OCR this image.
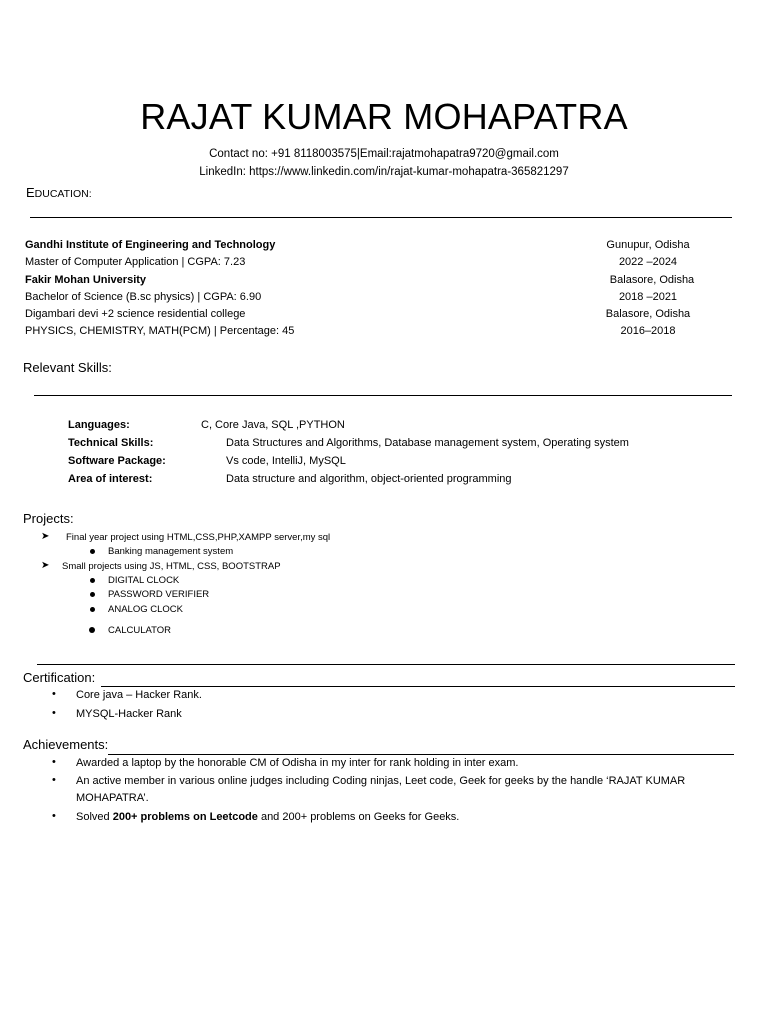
RAJAT KUMAR MOHAPATRA
Contact no: +91 8118003575|Email:rajatmohapatra9720@gmail.com
LinkedIn: https://www.linkedin.com/in/rajat-kumar-mohapatra-365821297
EDUCATION:
Gandhi Institute of Engineering and Technology	Gunupur, Odisha
Master of Computer Application | CGPA: 7.23	2022 –2024
Fakir Mohan University	Balasore, Odisha
Bachelor of Science (B.sc physics) | CGPA: 6.90	2018 –2021
Digambari devi +2 science residential college	Balasore, Odisha
PHYSICS, CHEMISTRY, MATH(PCM) | Percentage: 45	2016–2018
Relevant Skills:
Languages:	C, Core Java, SQL ,PYTHON
Technical Skills:	Data Structures and Algorithms, Database management system, Operating system
Software Package:	Vs code, IntelliJ, MySQL
Area of interest:	Data structure and algorithm, object-oriented programming
Projects:
➤ Final year project using HTML,CSS,PHP,XAMPP server,my sql
Banking management system
➤ Small projects using JS, HTML, CSS, BOOTSTRAP
DIGITAL CLOCK
PASSWORD VERIFIER
ANALOG CLOCK
CALCULATOR
Certification:
• Core java – Hacker Rank.
• MYSQL-Hacker Rank
Achievements:
• Awarded a laptop by the honorable CM of Odisha in my inter for rank holding in inter exam.
• An active member in various online judges including Coding ninjas, Leet code, Geek for geeks by the handle ‘RAJAT KUMAR
MOHAPATRA’.
• Solved 200+ problems on Leetcode and 200+ problems on Geeks for Geeks.
